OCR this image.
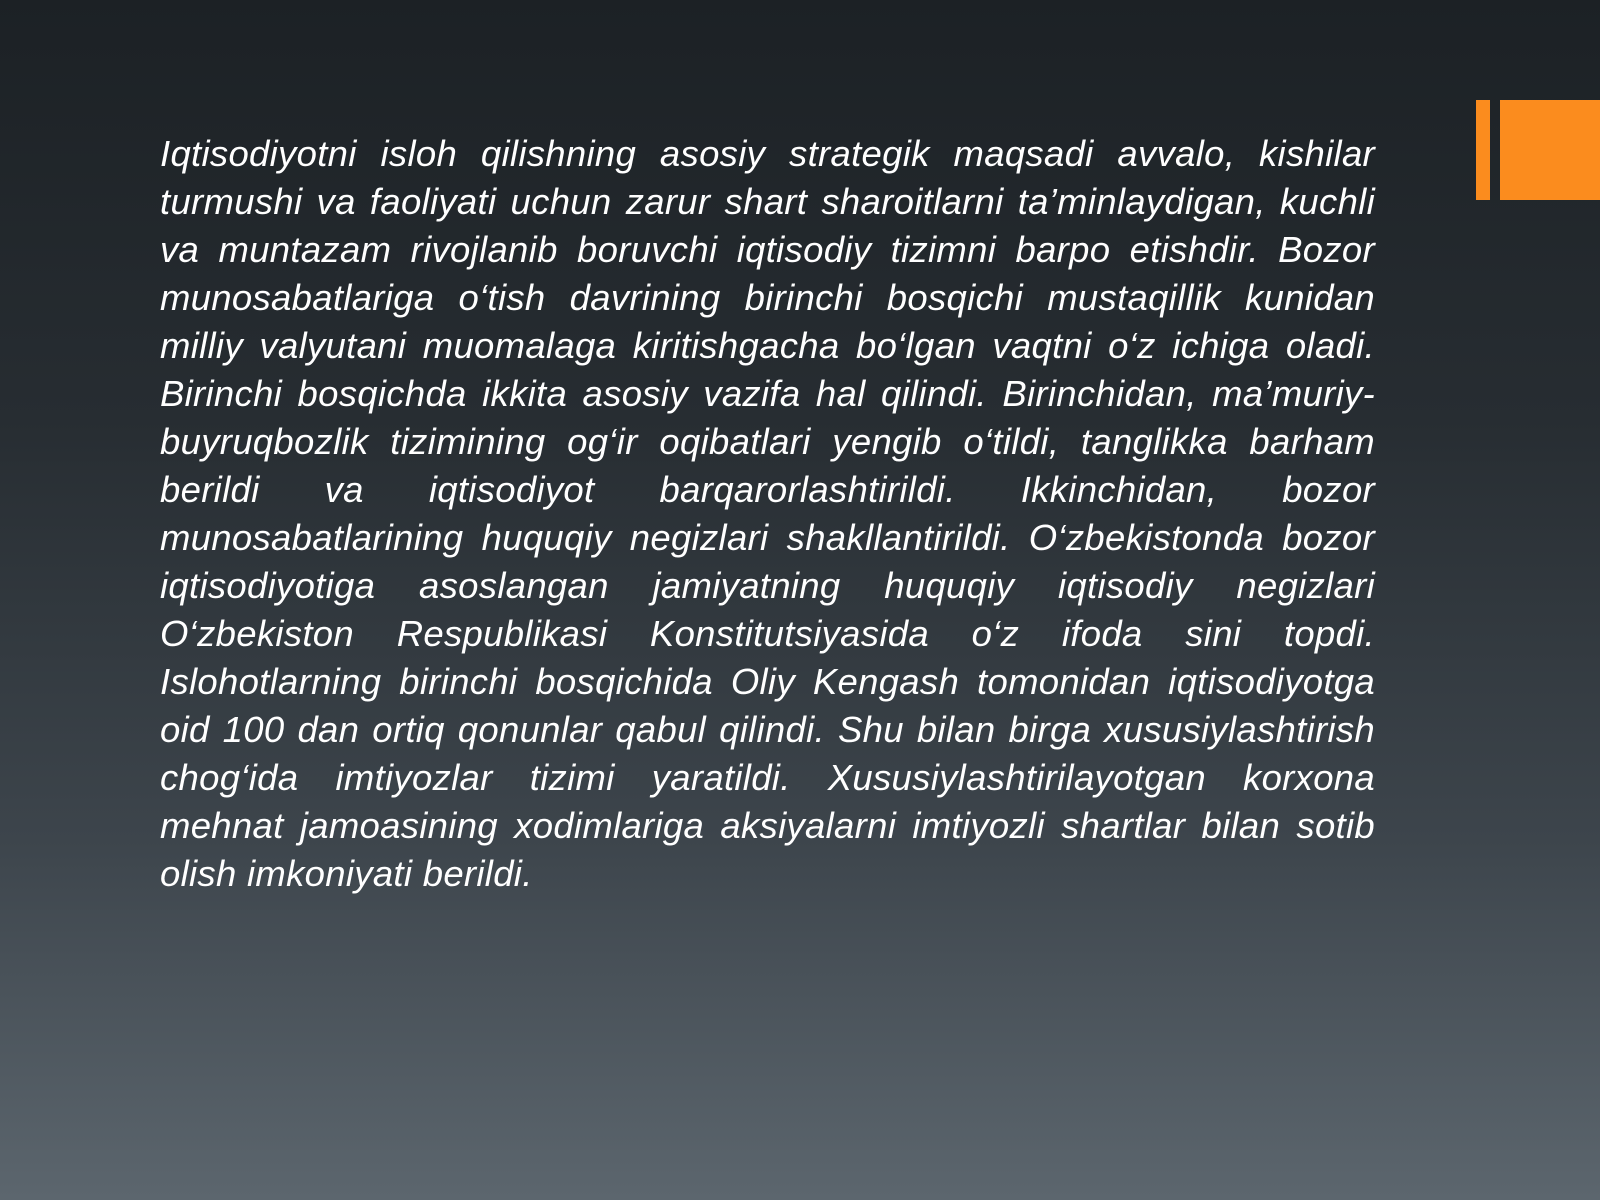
Iqtisodiyotni isloh qilishning asosiy strategik maqsadi avvalo, kishilar turmushi va faoliyati uchun zarur shart sharoitlarni ta’minlaydigan, kuchli va muntazam rivojlanib boruvchi iqtisodiy tizimni barpo etishdir. Bozor munosabatlariga o‘tish davrining birinchi bosqichi mustaqillik kunidan milliy valyutani muomalaga kiritishgacha bo‘lgan vaqtni o‘z ichiga oladi. Birinchi bosqichda ikkita asosiy vazifa hal qilindi. Birinchidan, ma’muriy-buyruqbozlik tizimining og‘ir oqibatlari yengib o‘tildi, tanglikka barham berildi va iqtisodiyot barqarorlashtirildi. Ikkinchidan, bozor munosabatlarining huquqiy negizlari shakllantirildi. O‘zbekistonda bozor iqtisodiyotiga asoslangan jamiyatning huquqiy iqtisodiy negizlari O‘zbekiston Respublikasi Konstitutsiyasida o‘z ifoda sini topdi. Islohotlarning birinchi bosqichida Oliy Kengash tomonidan iqtisodiyotga oid 100 dan ortiq qonunlar qabul qilindi. Shu bilan birga xususiylashtirish chog‘ida imtiyozlar tizimi yaratildi. Xususiylashtirilayotgan korxona mehnat jamoasining xodimlariga aksiyalarni imtiyozli shartlar bilan sotib olish imkoniyati berildi.
